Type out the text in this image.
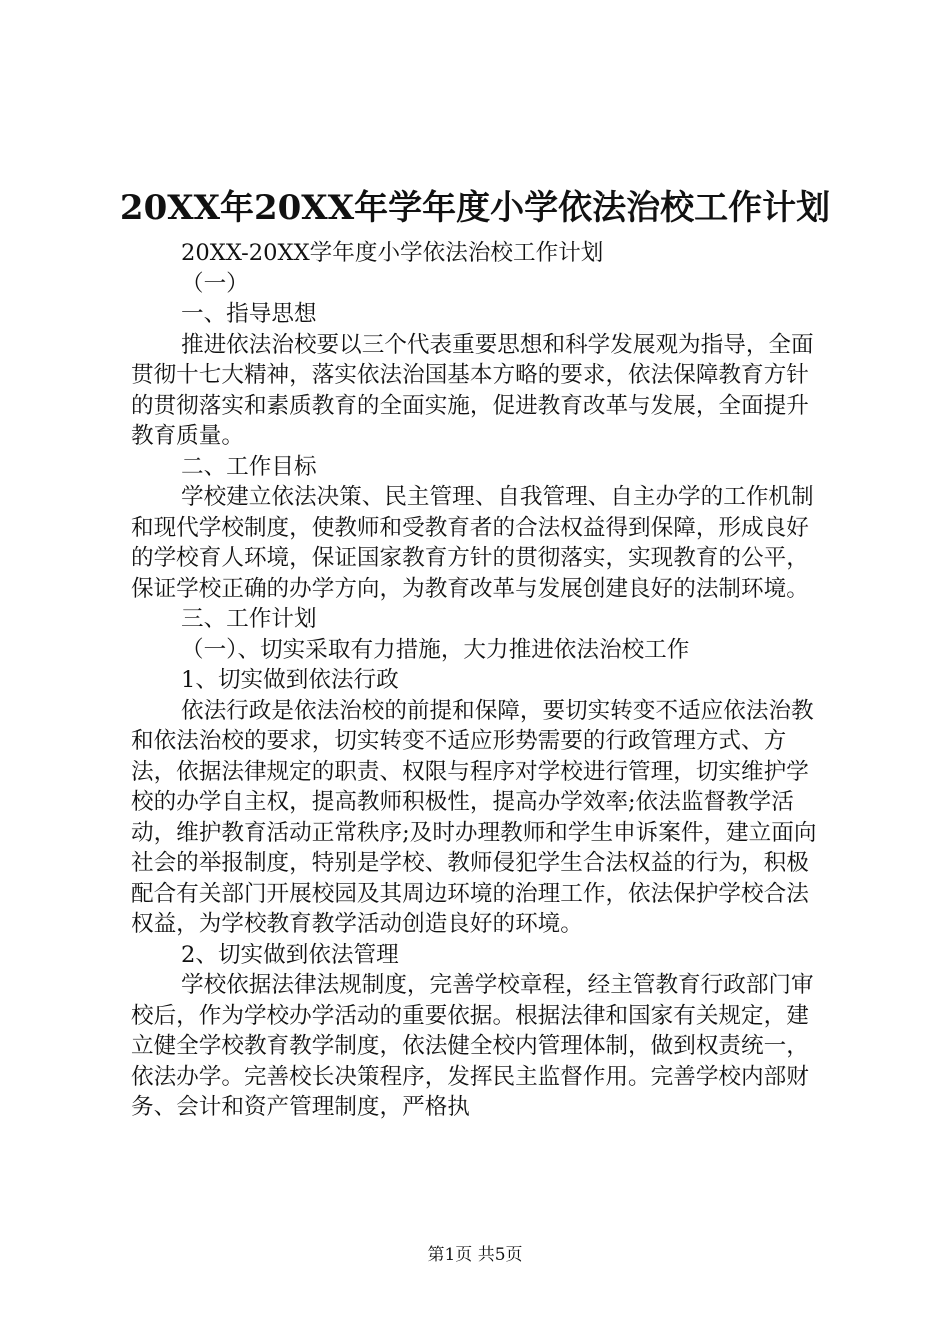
20XX年20XX年学年度小学依法治校工作计划

20XX-20XX学年度小学依法治校工作计划

（一）

一、指导思想

推进依法治校要以三个代表重要思想和科学发展观为指导，全面贯彻十七大精神，落实依法治国基本方略的要求，依法保障教育方针的贯彻落实和素质教育的全面实施，促进教育改革与发展，全面提升教育质量。

二、工作目标

学校建立依法决策、民主管理、自我管理、自主办学的工作机制和现代学校制度，使教师和受教育者的合法权益得到保障，形成良好的学校育人环境，保证国家教育方针的贯彻落实，实现教育的公平，保证学校正确的办学方向，为教育改革与发展创建良好的法制环境。

三、工作计划

（一）、切实采取有力措施，大力推进依法治校工作

1、切实做到依法行政

依法行政是依法治校的前提和保障，要切实转变不适应依法治教和依法治校的要求，切实转变不适应形势需要的行政管理方式、方法，依据法律规定的职责、权限与程序对学校进行管理，切实维护学校的办学自主权，提高教师积极性，提高办学效率;依法监督教学活动，维护教育活动正常秩序;及时办理教师和学生申诉案件，建立面向社会的举报制度，特别是学校、教师侵犯学生合法权益的行为，积极配合有关部门开展校园及其周边环境的治理工作，依法保护学校合法权益，为学校教育教学活动创造良好的环境。

2、切实做到依法管理

学校依据法律法规制度，完善学校章程，经主管教育行政部门审校后，作为学校办学活动的重要依据。根据法律和国家有关规定，建立健全学校教育教学制度，依法健全校内管理体制，做到权责统一，依法办学。完善校长决策程序，发挥民主监督作用。完善学校内部财务、会计和资产管理制度，严格执

第1页 共5页
